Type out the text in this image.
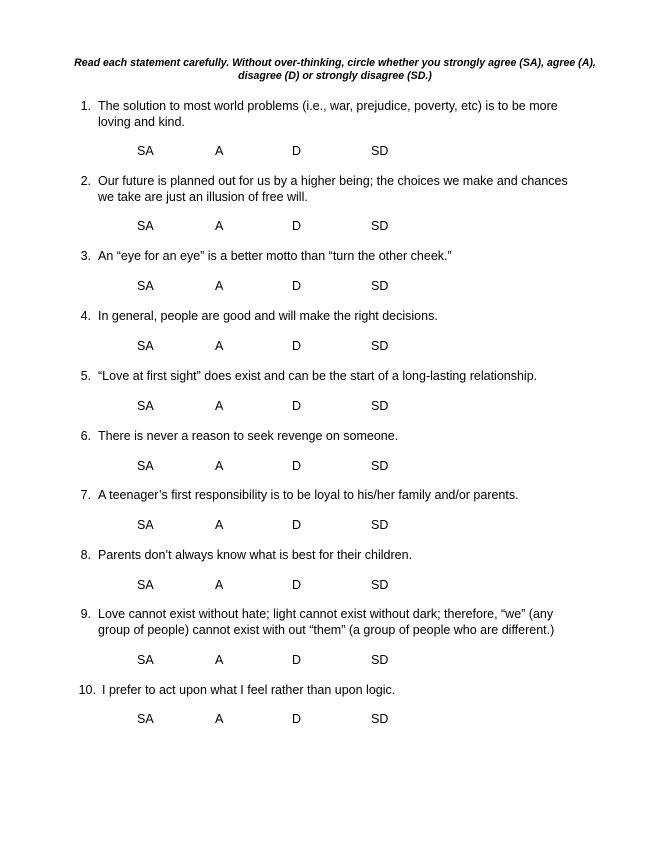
Read each statement carefully. Without over-thinking, circle whether you strongly agree (SA), agree (A),
disagree (D) or strongly disagree (SD.)
1. The solution to most world problems (i.e., war, prejudice, poverty, etc) is to be more
loving and kind.
SA	A	D	SD
2. Our future is planned out for us by a higher being; the choices we make and chances
we take are just an illusion of free will.
SA	A	D	SD
3. An “eye for an eye” is a better motto than “turn the other cheek.”
SA	A	D	SD
4. In general, people are good and will make the right decisions.
SA	A	D	SD
5. “Love at first sight” does exist and can be the start of a long-lasting relationship.
SA	A	D	SD
6. There is never a reason to seek revenge on someone.
SA	A	D	SD
7. A teenager’s first responsibility is to be loyal to his/her family and/or parents.
SA	A	D	SD
8. Parents don’t always know what is best for their children.
SA	A	D	SD
9. Love cannot exist without hate; light cannot exist without dark; therefore, “we” (any
group of people) cannot exist with out “them” (a group of people who are different.)
SA	A	D	SD
10. I prefer to act upon what I feel rather than upon logic.
SA	A	D	SD
